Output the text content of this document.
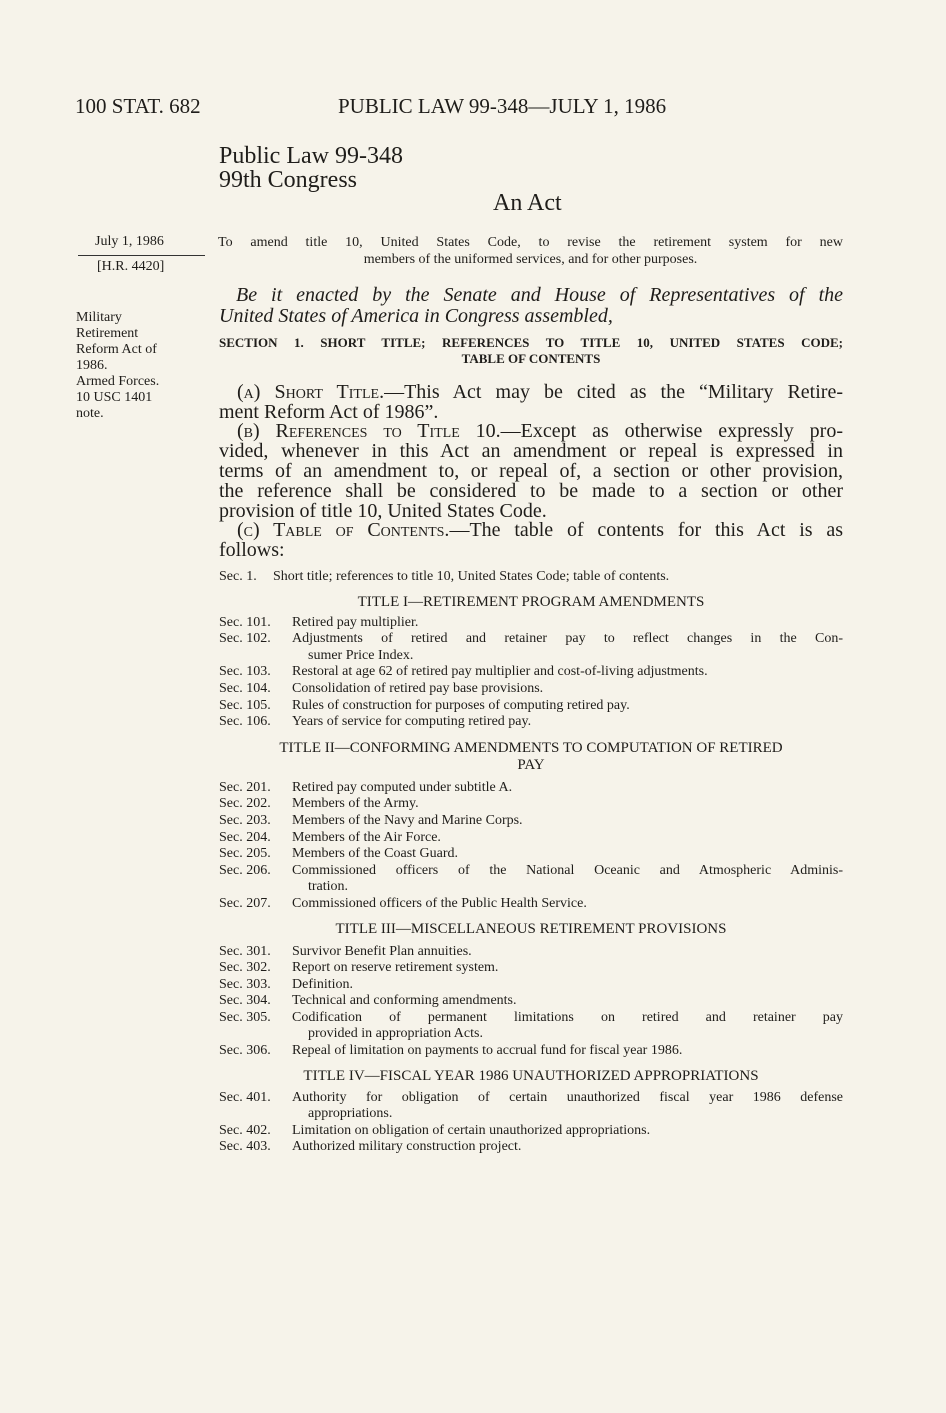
100 STAT. 682	PUBLIC LAW 99-348—JULY 1, 1986
Public Law 99-348
99th Congress
An Act
July 1, 1986
[H.R. 4420]
Military
Retirement
Reform Act of
1986.
Armed Forces.
10 USC 1401
note.
To amend title 10, United States Code, to revise the retirement system for new
members of the uniformed services, and for other purposes.
Be it enacted by the Senate and House of Representatives of the
United States of America in Congress assembled,
SECTION 1. SHORT TITLE; REFERENCES TO TITLE 10, UNITED STATES CODE;
TABLE OF CONTENTS
(a) Short Title.—This Act may be cited as the “Military Retire-
ment Reform Act of 1986”.
(b) References to Title 10.—Except as otherwise expressly pro-
vided, whenever in this Act an amendment or repeal is expressed in
terms of an amendment to, or repeal of, a section or other provision,
the reference shall be considered to be made to a section or other
provision of title 10, United States Code.
(c) Table of Contents.—The table of contents for this Act is as
follows:
Sec. 1. Short title; references to title 10, United States Code; table of contents.
TITLE I—RETIREMENT PROGRAM AMENDMENTS
Sec. 101. Retired pay multiplier.
Sec. 102. Adjustments of retired and retainer pay to reflect changes in the Con-
sumer Price Index.
Sec. 103. Restoral at age 62 of retired pay multiplier and cost-of-living adjustments.
Sec. 104. Consolidation of retired pay base provisions.
Sec. 105. Rules of construction for purposes of computing retired pay.
Sec. 106. Years of service for computing retired pay.
TITLE II—CONFORMING AMENDMENTS TO COMPUTATION OF RETIRED
PAY
Sec. 201. Retired pay computed under subtitle A.
Sec. 202. Members of the Army.
Sec. 203. Members of the Navy and Marine Corps.
Sec. 204. Members of the Air Force.
Sec. 205. Members of the Coast Guard.
Sec. 206. Commissioned officers of the National Oceanic and Atmospheric Adminis-
tration.
Sec. 207. Commissioned officers of the Public Health Service.
TITLE III—MISCELLANEOUS RETIREMENT PROVISIONS
Sec. 301. Survivor Benefit Plan annuities.
Sec. 302. Report on reserve retirement system.
Sec. 303. Definition.
Sec. 304. Technical and conforming amendments.
Sec. 305. Codification of permanent limitations on retired and retainer pay
provided in appropriation Acts.
Sec. 306. Repeal of limitation on payments to accrual fund for fiscal year 1986.
TITLE IV—FISCAL YEAR 1986 UNAUTHORIZED APPROPRIATIONS
Sec. 401. Authority for obligation of certain unauthorized fiscal year 1986 defense
appropriations.
Sec. 402. Limitation on obligation of certain unauthorized appropriations.
Sec. 403. Authorized military construction project.
